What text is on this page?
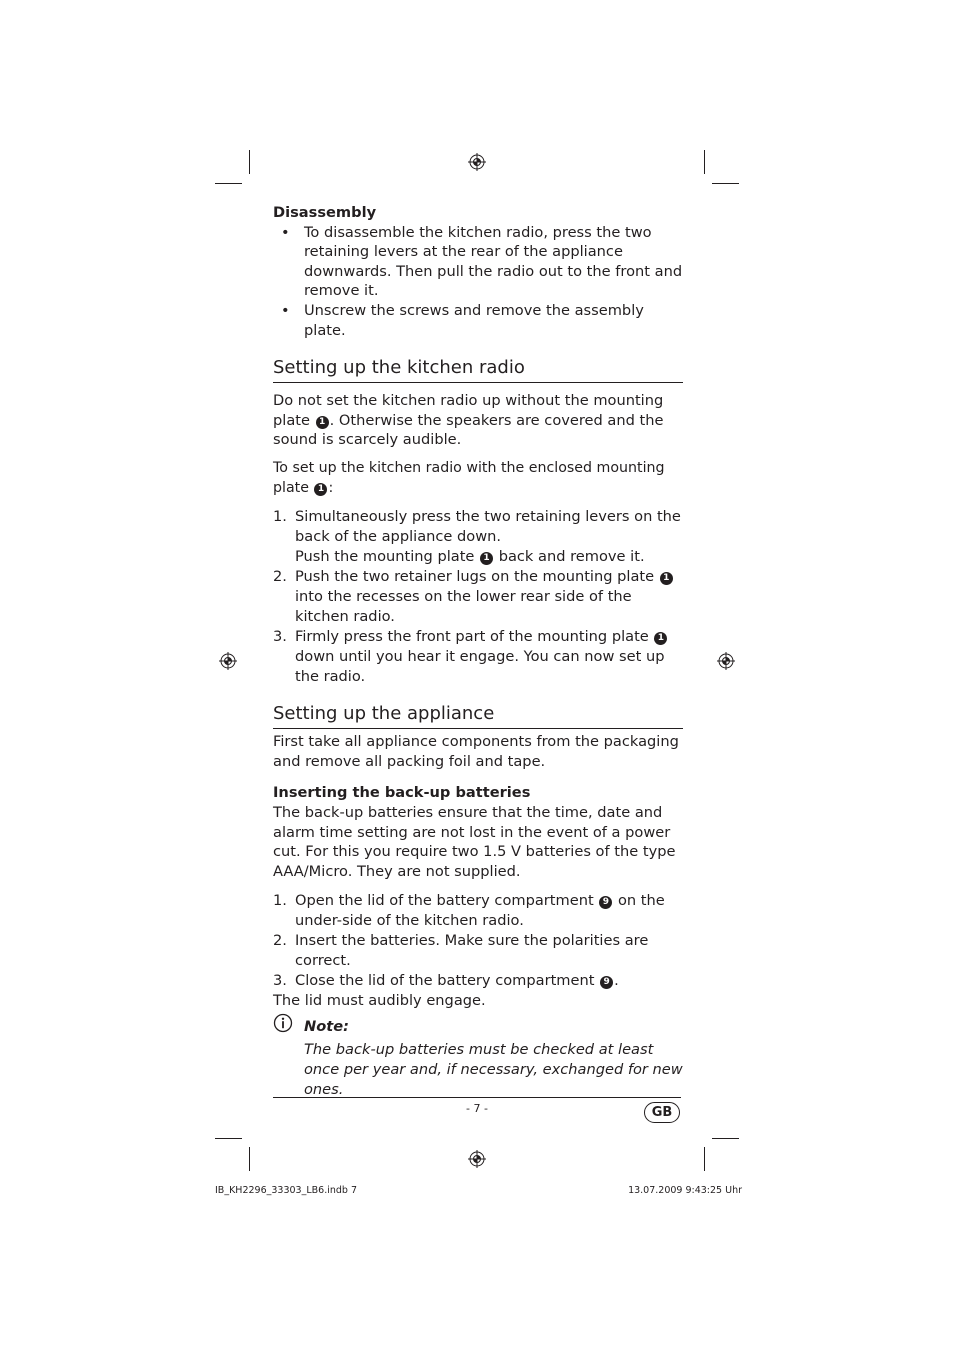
Disassembly
• To disassemble the kitchen radio, press the two retaining levers at the rear of the appliance downwards. Then pull the radio out to the front and remove it.
• Unscrew the screws and remove the assembly plate.
Setting up the kitchen radio

Do not set the kitchen radio up without the mounting plate 1 . Otherwise the speakers are covered and the sound is scarcely audible.

To set up the kitchen radio with the enclosed mounting plate 1 :

1. Simultaneously press the two retaining levers on the back of the appliance down.
Push the mounting plate 1 back and remove it.
2. Push the two retainer lugs on the mounting plate 1 into the recesses on the lower rear side of the kitchen radio.
3. Firmly press the front part of the mounting plate 1 down until you hear it engage. You can now set up the radio.
Setting up the appliance

First take all appliance components from the packaging and remove all packing foil and tape.

Inserting the back-up batteries

The back-up batteries ensure that the time, date and alarm time setting are not lost in the event of a power cut. For this you require two 1.5 V batteries of the type AAA/Micro. They are not supplied.

1. Open the lid of the battery compartment 9 on the under-side of the kitchen radio.
2. Insert the batteries. Make sure the polarities are correct.
3. Close the lid of the battery compartment 9 .

The lid must audibly engage.

Note:

The back-up batteries must be checked at least once per year and, if necessary, exchanged for new ones.

- 7 -	GB
IB_KH2296_33303_LB6.indb 7	13.07.2009 9:43:25 Uhr
